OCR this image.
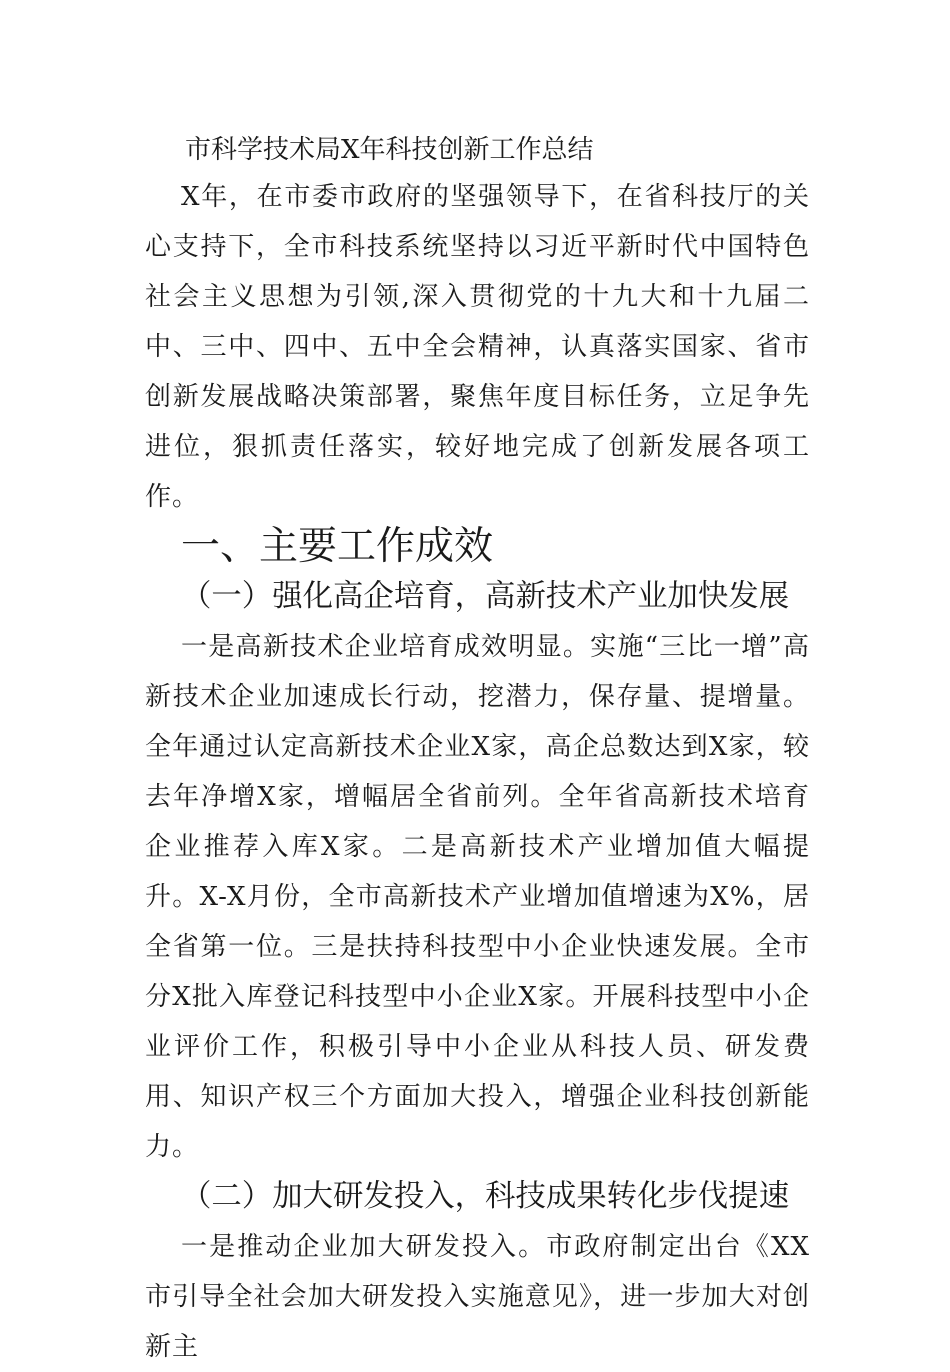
市科学技术局X年科技创新工作总结

X年，在市委市政府的坚强领导下，在省科技厅的关心支持下，全市科技系统坚持以习近平新时代中国特色社会主义思想为引领,深入贯彻党的十九大和十九届二中、三中、四中、五中全会精神，认真落实国家、省市创新发展战略决策部署，聚焦年度目标任务，立足争先进位，狠抓责任落实，较好地完成了创新发展各项工作。

一、主要工作成效
（一）强化高企培育，高新技术产业加快发展

一是高新技术企业培育成效明显。实施“三比一增”高新技术企业加速成长行动，挖潜力，保存量、提增量。全年通过认定高新技术企业X家，高企总数达到X家，较去年净增X家，增幅居全省前列。全年省高新技术培育企业推荐入库X家。二是高新技术产业增加值大幅提升。X-X月份，全市高新技术产业增加值增速为X%，居全省第一位。三是扶持科技型中小企业快速发展。全市分X批入库登记科技型中小企业X家。开展科技型中小企业评价工作，积极引导中小企业从科技人员、研发费用、知识产权三个方面加大投入，增强企业科技创新能力。

（二）加大研发投入，科技成果转化步伐提速

一是推动企业加大研发投入。市政府制定出台《XX市引导全社会加大研发投入实施意见》，进一步加大对创新主
